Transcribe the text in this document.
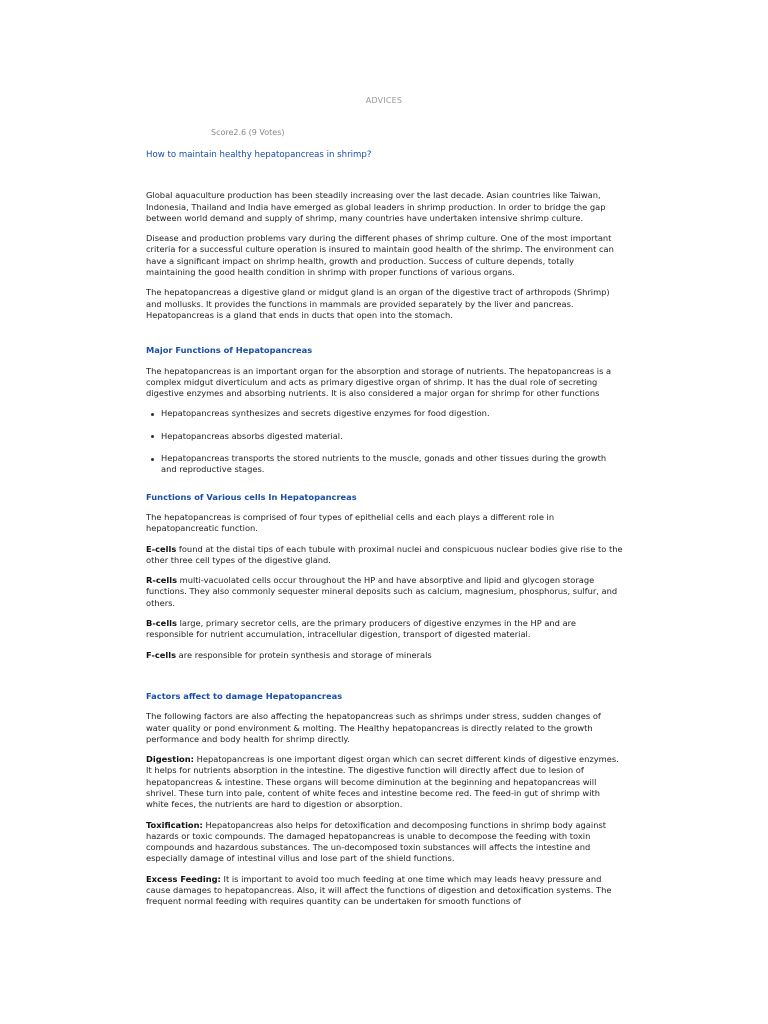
ADVICES
Score2.6 (9 Votes)
How to maintain healthy hepatopancreas in shrimp?

Global aquaculture production has been steadily increasing over the last decade. Asian countries like Taiwan, Indonesia, Thailand and India have emerged as global leaders in shrimp production. In order to bridge the gap between world demand and supply of shrimp, many countries have undertaken intensive shrimp culture.

Disease and production problems vary during the different phases of shrimp culture. One of the most important criteria for a successful culture operation is insured to maintain good health of the shrimp. The environment can have a significant impact on shrimp health, growth and production. Success of culture depends, totally maintaining the good health condition in shrimp with proper functions of various organs.

The hepatopancreas a digestive gland or midgut gland is an organ of the digestive tract of arthropods (Shrimp) and mollusks. It provides the functions in mammals are provided separately by the liver and pancreas. Hepatopancreas is a gland that ends in ducts that open into the stomach.

Major Functions of Hepatopancreas

The hepatopancreas is an important organ for the absorption and storage of nutrients. The hepatopancreas is a complex midgut diverticulum and acts as primary digestive organ of shrimp. It has the dual role of secreting digestive enzymes and absorbing nutrients. It is also considered a major organ for shrimp for other functions

Hepatopancreas synthesizes and secrets digestive enzymes for food digestion.
Hepatopancreas absorbs digested material.
Hepatopancreas transports the stored nutrients to the muscle, gonads and other tissues during the growth and reproductive stages.
Functions of Various cells In Hepatopancreas

The hepatopancreas is comprised of four types of epithelial cells and each plays a different role in hepatopancreatic function.

E-cells found at the distal tips of each tubule with proximal nuclei and conspicuous nuclear bodies give rise to the other three cell types of the digestive gland.

R-cells multi-vacuolated cells occur throughout the HP and have absorptive and lipid and glycogen storage functions. They also commonly sequester mineral deposits such as calcium, magnesium, phosphorus, sulfur, and others.

B-cells large, primary secretor cells, are the primary producers of digestive enzymes in the HP and are responsible for nutrient accumulation, intracellular digestion, transport of digested material.

F-cells are responsible for protein synthesis and storage of minerals

Factors affect to damage Hepatopancreas

The following factors are also affecting the hepatopancreas such as shrimps under stress, sudden changes of water quality or pond environment & molting. The Healthy hepatopancreas is directly related to the growth performance and body health for shrimp directly.

Digestion: Hepatopancreas is one important digest organ which can secret different kinds of digestive enzymes. It helps for nutrients absorption in the intestine. The digestive function will directly affect due to lesion of hepatopancreas & intestine. These organs will become diminution at the beginning and hepatopancreas will shrivel. These turn into pale, content of white feces and intestine become red. The feed-in gut of shrimp with white feces, the nutrients are hard to digestion or absorption.

Toxification: Hepatopancreas also helps for detoxification and decomposing functions in shrimp body against hazards or toxic compounds. The damaged hepatopancreas is unable to decompose the feeding with toxin compounds and hazardous substances. The un-decomposed toxin substances will affects the intestine and especially damage of intestinal villus and lose part of the shield functions.

Excess Feeding: It is important to avoid too much feeding at one time which may leads heavy pressure and cause damages to hepatopancreas. Also, it will affect the functions of digestion and detoxification systems. The frequent normal feeding with requires quantity can be undertaken for smooth functions of
